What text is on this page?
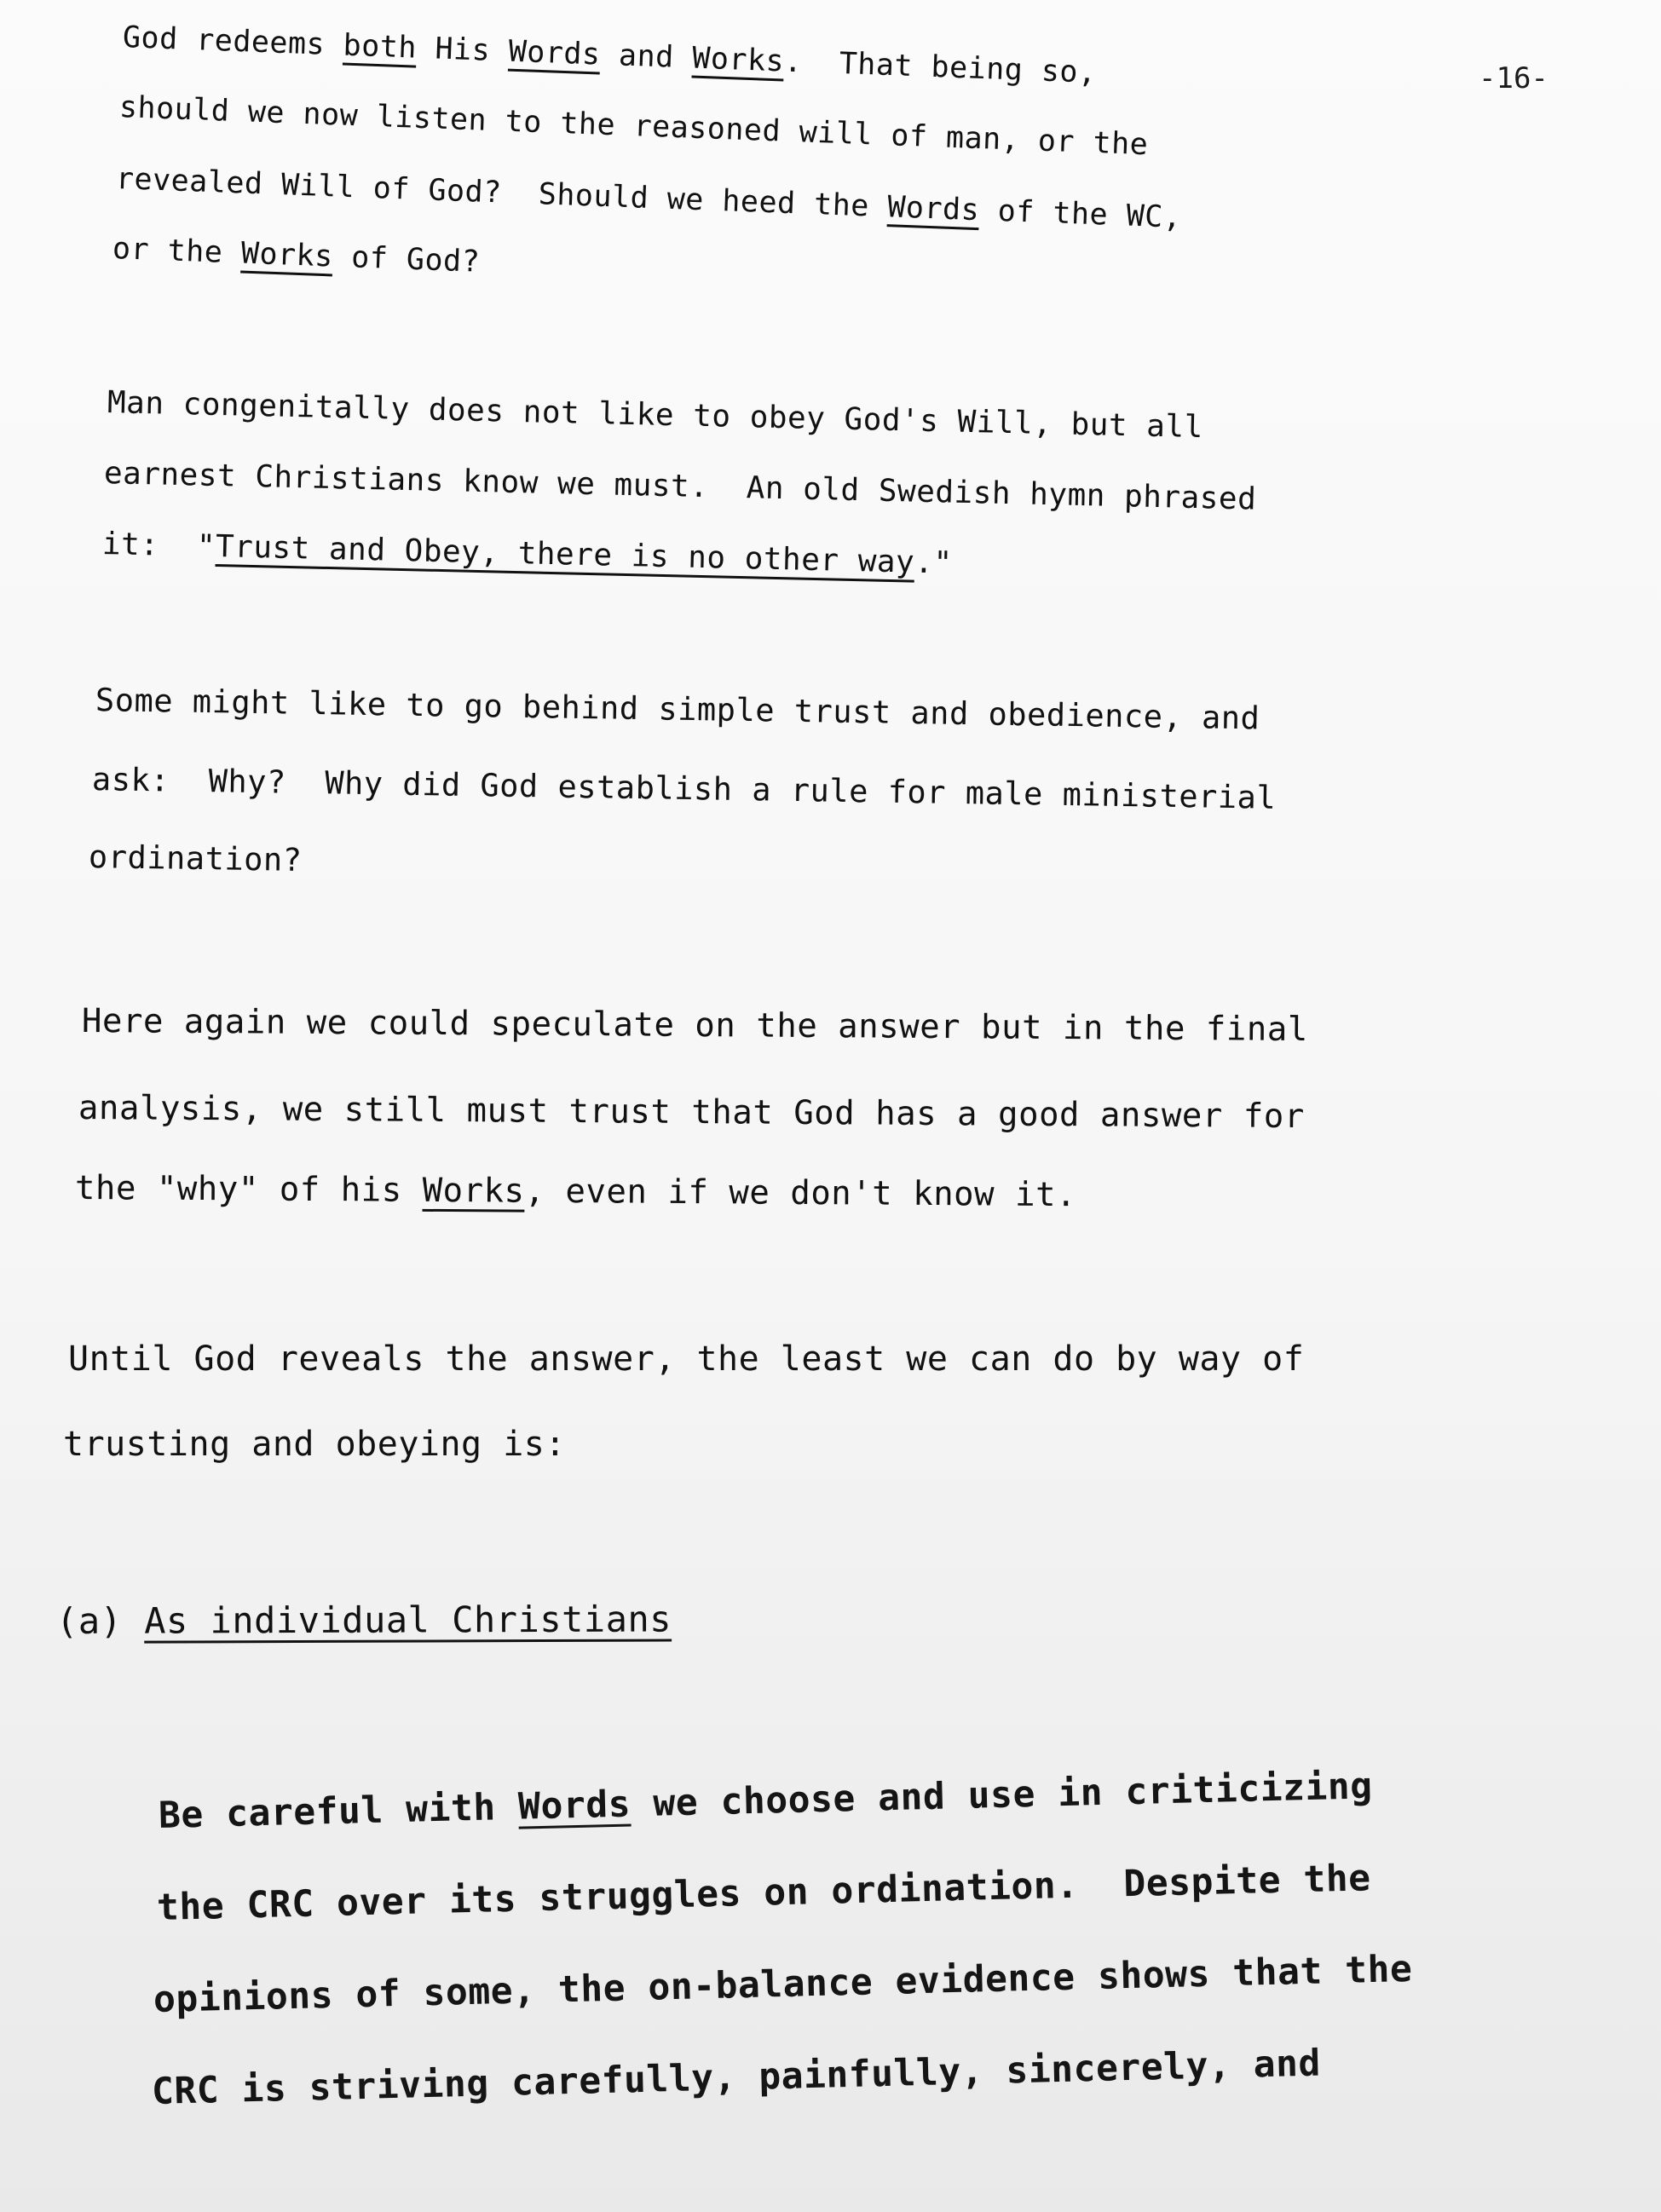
-16-
God redeems both His Words and Works.  That being so,
should we now listen to the reasoned will of man, or the
revealed Will of God?  Should we heed the Words of the WC,
or the Works of God?
Man congenitally does not like to obey God's Will, but all
earnest Christians know we must.  An old Swedish hymn phrased
it:  "Trust and Obey, there is no other way."
Some might like to go behind simple trust and obedience, and
ask:  Why?  Why did God establish a rule for male ministerial
ordination?
Here again we could speculate on the answer but in the final
analysis, we still must trust that God has a good answer for
the "why" of his Works, even if we don't know it.
Until God reveals the answer, the least we can do by way of
trusting and obeying is:
(a) As individual Christians
Be careful with Words we choose and use in criticizing
the CRC over its struggles on ordination.  Despite the
opinions of some, the on-balance evidence shows that the
CRC is striving carefully, painfully, sincerely, and
